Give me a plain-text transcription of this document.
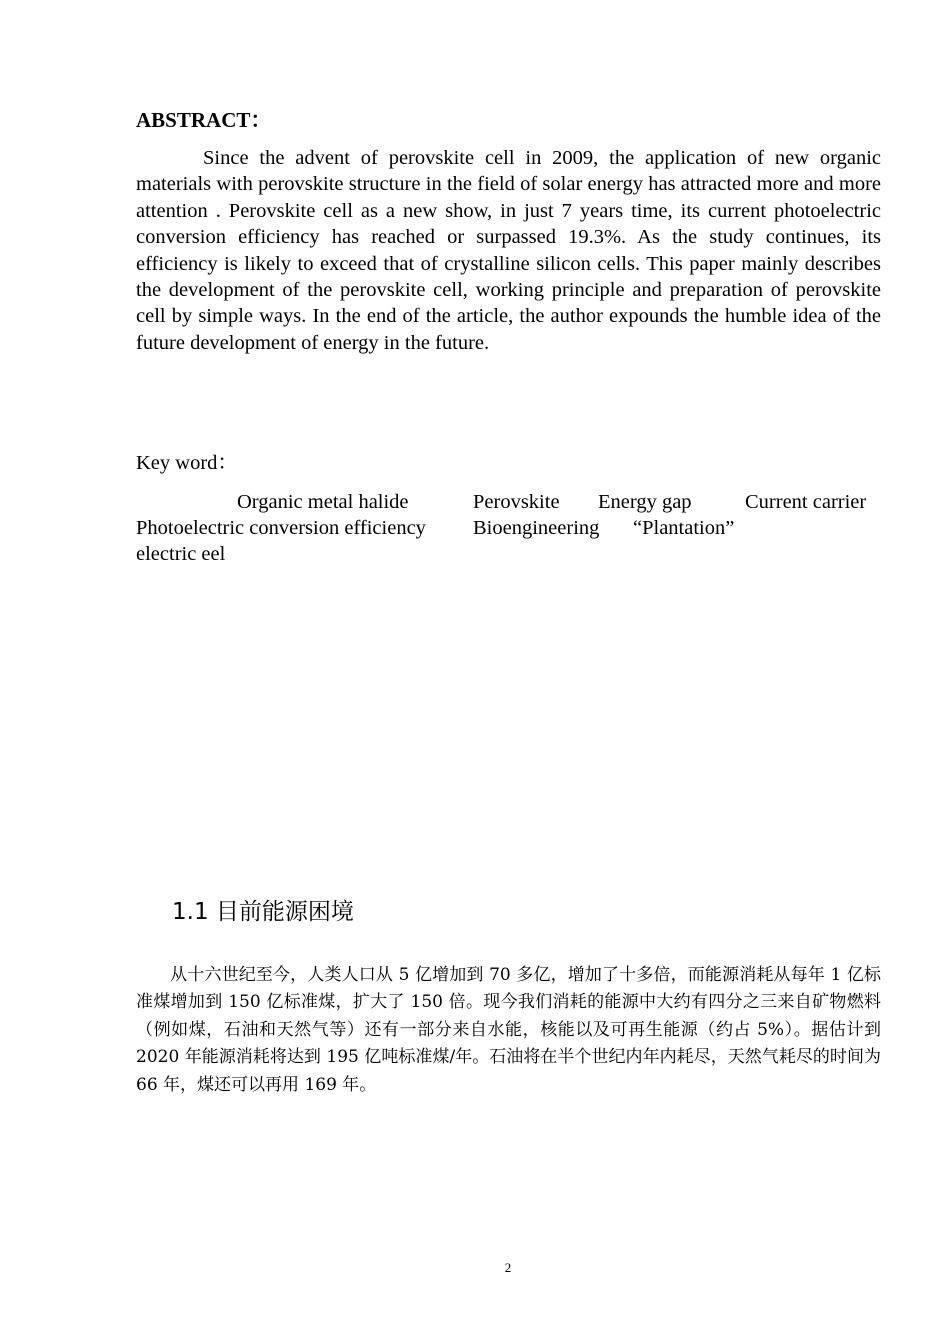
ABSTRACT：
Since the advent of perovskite cell in 2009, the application of new organic materials with perovskite structure in the field of solar energy has attracted more and more attention . Perovskite cell as a new show, in just 7 years time, its current photoelectric conversion efficiency has reached or surpassed 19.3%. As the study continues, its efficiency is likely to exceed that of crystalline silicon cells. This paper mainly describes the development of the perovskite cell, working principle and preparation of perovskite cell by simple ways. In the end of the article, the author expounds the humble idea of the future development of energy in the future.
Key word：
Organic metal halide	Perovskite Energy gap	Current carrier
Photoelectric conversion efficiency Bioengineering “Plantation”
electric eel
1.1 目前能源困境
从十六世纪至今，人类人口从 5 亿增加到 70 多亿，增加了十多倍，而能源消耗从每年 1 亿标准煤增加到 150 亿标准煤，扩大了 150 倍。现今我们消耗的能源中大约有四分之三来自矿物燃料（例如煤，石油和天然气等）还有一部分来自水能，核能以及可再生能源（约占 5%）。据估计到 2020 年能源消耗将达到 195 亿吨标准煤/年。石油将在半个世纪内年内耗尽，天然气耗尽的时间为 66 年，煤还可以再用 169 年。
2
